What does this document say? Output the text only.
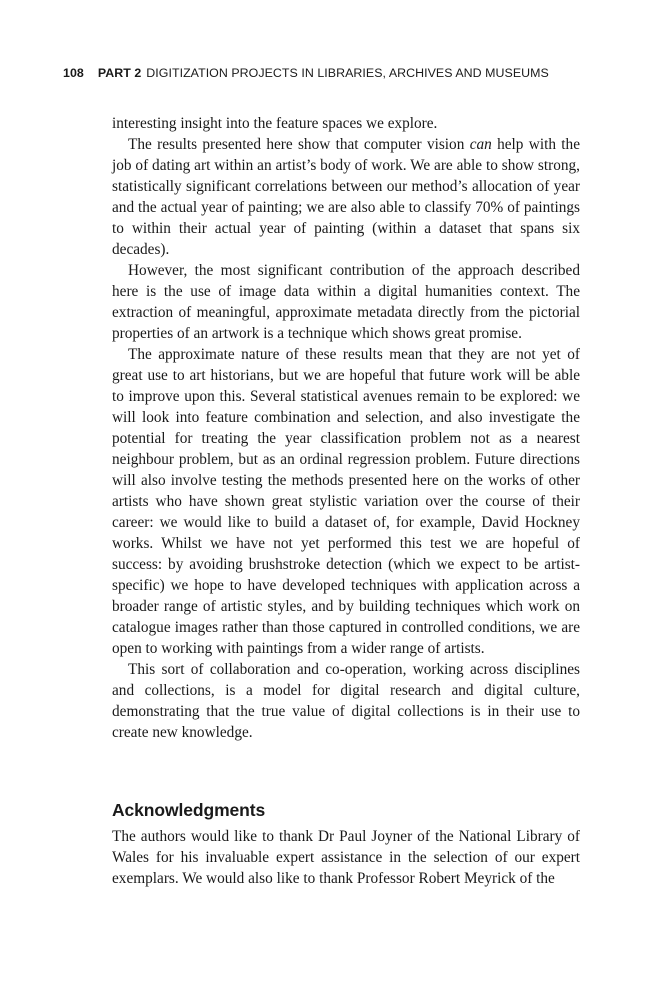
108 PART 2 DIGITIZATION PROJECTS IN LIBRARIES, ARCHIVES AND MUSEUMS

interesting insight into the feature spaces we explore.

The results presented here show that computer vision can help with the job of dating art within an artist’s body of work. We are able to show strong, statistically significant correlations between our method’s allocation of year and the actual year of painting; we are also able to classify 70% of paintings to within their actual year of painting (within a dataset that spans six decades).

However, the most significant contribution of the approach described here is the use of image data within a digital humanities context. The extraction of meaningful, approximate metadata directly from the pictorial properties of an artwork is a technique which shows great promise.

The approximate nature of these results mean that they are not yet of great use to art historians, but we are hopeful that future work will be able to improve upon this. Several statistical avenues remain to be explored: we will look into feature combination and selection, and also investigate the potential for treating the year classification problem not as a nearest neighbour problem, but as an ordinal regression problem. Future directions will also involve testing the methods presented here on the works of other artists who have shown great stylistic variation over the course of their career: we would like to build a dataset of, for example, David Hockney works. Whilst we have not yet performed this test we are hopeful of success: by avoiding brushstroke detection (which we expect to be artist-specific) we hope to have developed techniques with application across a broader range of artistic styles, and by building techniques which work on catalogue images rather than those captured in controlled conditions, we are open to working with paintings from a wider range of artists.

This sort of collaboration and co-operation, working across disciplines and collections, is a model for digital research and digital culture, demonstrating that the true value of digital collections is in their use to create new knowledge.

Acknowledgments

The authors would like to thank Dr Paul Joyner of the National Library of Wales for his invaluable expert assistance in the selection of our expert exemplars. We would also like to thank Professor Robert Meyrick of the
